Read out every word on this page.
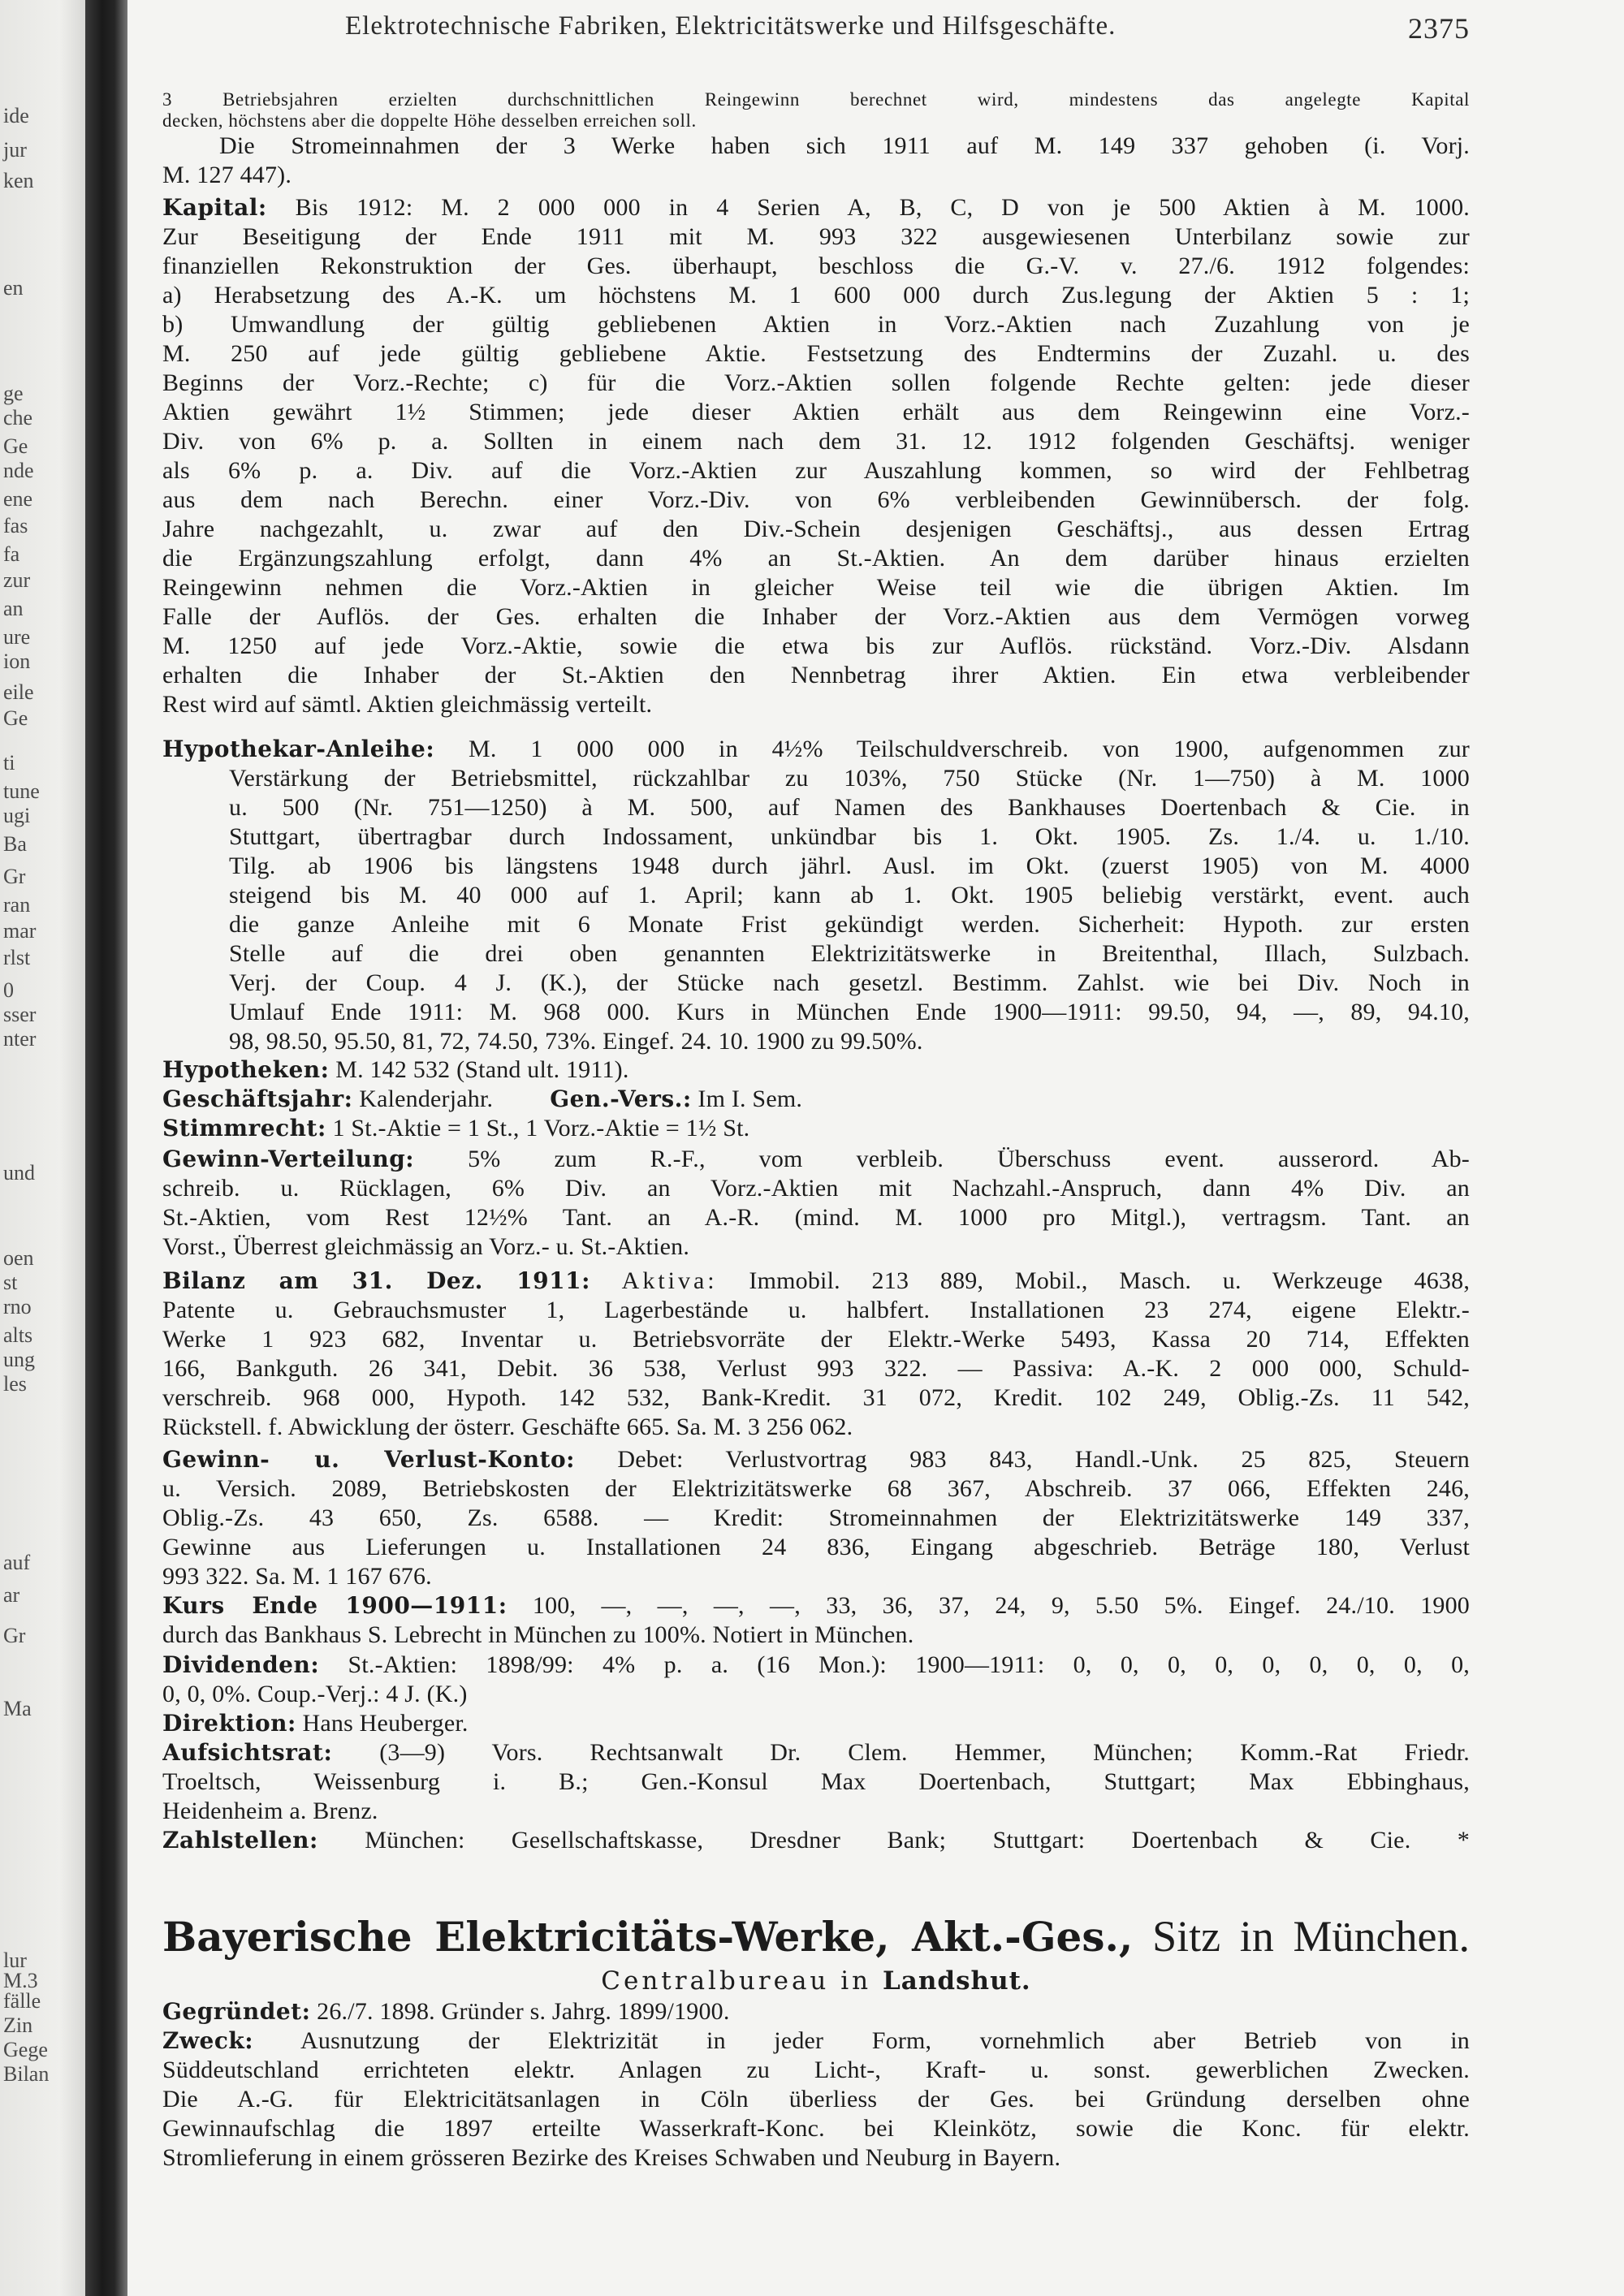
ide
jur
ken
en
ge
che
Ge
nde
ene
fas
fa
zur
an
ure
ion
eile
Ge
ti
tune
ugi
Ba
Gr
ran
mar
rlst
0
sser
nter
und
oen
st
rno
alts
ung
les
auf
ar
Gr
Ma
lur
M.3
fälle
Zin
Gege
Bilan
Elektrotechnische Fabriken, Elektricitätswerke und Hilfsgeschäfte.	2375
3 Betriebsjahren erzielten durchschnittlichen Reingewinn berechnet wird, mindestens das angelegte Kapital
decken, höchstens aber die doppelte Höhe desselben erreichen soll.
Die Stromeinnahmen der 3 Werke haben sich 1911 auf M. 149 337 gehoben (i. Vorj.
M. 127 447).
Kapital: Bis 1912: M. 2 000 000 in 4 Serien A, B, C, D von je 500 Aktien à M. 1000.
Zur Beseitigung der Ende 1911 mit M. 993 322 ausgewiesenen Unterbilanz sowie zur
finanziellen Rekonstruktion der Ges. überhaupt, beschloss die G.-V. v. 27./6. 1912 folgendes:
a) Herabsetzung des A.-K. um höchstens M. 1 600 000 durch Zus.legung der Aktien 5 : 1;
b) Umwandlung der gültig gebliebenen Aktien in Vorz.-Aktien nach Zuzahlung von je
M. 250 auf jede gültig gebliebene Aktie. Festsetzung des Endtermins der Zuzahl. u. des
Beginns der Vorz.-Rechte; c) für die Vorz.-Aktien sollen folgende Rechte gelten: jede dieser
Aktien gewährt 1½ Stimmen; jede dieser Aktien erhält aus dem Reingewinn eine Vorz.-
Div. von 6% p. a. Sollten in einem nach dem 31. 12. 1912 folgenden Geschäftsj. weniger
als 6% p. a. Div. auf die Vorz.-Aktien zur Auszahlung kommen, so wird der Fehlbetrag
aus dem nach Berechn. einer Vorz.-Div. von 6% verbleibenden Gewinnübersch. der folg.
Jahre nachgezahlt, u. zwar auf den Div.-Schein desjenigen Geschäftsj., aus dessen Ertrag
die Ergänzungszahlung erfolgt, dann 4% an St.-Aktien. An dem darüber hinaus erzielten
Reingewinn nehmen die Vorz.-Aktien in gleicher Weise teil wie die übrigen Aktien. Im
Falle der Auflös. der Ges. erhalten die Inhaber der Vorz.-Aktien aus dem Vermögen vorweg
M. 1250 auf jede Vorz.-Aktie, sowie die etwa bis zur Auflös. rückständ. Vorz.-Div. Alsdann
erhalten die Inhaber der St.-Aktien den Nennbetrag ihrer Aktien. Ein etwa verbleibender
Rest wird auf sämtl. Aktien gleichmässig verteilt.
Hypothekar-Anleihe: M. 1 000 000 in 4½% Teilschuldverschreib. von 1900, aufgenommen zur
Verstärkung der Betriebsmittel, rückzahlbar zu 103%, 750 Stücke (Nr. 1—750) à M. 1000
u. 500 (Nr. 751—1250) à M. 500, auf Namen des Bankhauses Doertenbach & Cie. in
Stuttgart, übertragbar durch Indossament, unkündbar bis 1. Okt. 1905. Zs. 1./4. u. 1./10.
Tilg. ab 1906 bis längstens 1948 durch jährl. Ausl. im Okt. (zuerst 1905) von M. 4000
steigend bis M. 40 000 auf 1. April; kann ab 1. Okt. 1905 beliebig verstärkt, event. auch
die ganze Anleihe mit 6 Monate Frist gekündigt werden. Sicherheit: Hypoth. zur ersten
Stelle auf die drei oben genannten Elektrizitätswerke in Breitenthal, Illach, Sulzbach.
Verj. der Coup. 4 J. (K.), der Stücke nach gesetzl. Bestimm. Zahlst. wie bei Div. Noch in
Umlauf Ende 1911: M. 968 000. Kurs in München Ende 1900—1911: 99.50, 94, —, 89, 94.10,
98, 98.50, 95.50, 81, 72, 74.50, 73%. Eingef. 24. 10. 1900 zu 99.50%.
Hypotheken: M. 142 532 (Stand ult. 1911).
Geschäftsjahr: Kalenderjahr.	Gen.-Vers.: Im I. Sem.
Stimmrecht: 1 St.-Aktie = 1 St., 1 Vorz.-Aktie = 1½ St.
Gewinn-Verteilung: 5% zum R.-F., vom verbleib. Überschuss event. ausserord. Ab-
schreib. u. Rücklagen, 6% Div. an Vorz.-Aktien mit Nachzahl.-Anspruch, dann 4% Div. an
St.-Aktien, vom Rest 12½% Tant. an A.-R. (mind. M. 1000 pro Mitgl.), vertragsm. Tant. an
Vorst., Überrest gleichmässig an Vorz.- u. St.-Aktien.
Bilanz am 31. Dez. 1911: Aktiva: Immobil. 213 889, Mobil., Masch. u. Werkzeuge 4638,
Patente u. Gebrauchsmuster 1, Lagerbestände u. halbfert. Installationen 23 274, eigene Elektr.-
Werke 1 923 682, Inventar u. Betriebsvorräte der Elektr.-Werke 5493, Kassa 20 714, Effekten
166, Bankguth. 26 341, Debit. 36 538, Verlust 993 322. — Passiva: A.-K. 2 000 000, Schuld-
verschreib. 968 000, Hypoth. 142 532, Bank-Kredit. 31 072, Kredit. 102 249, Oblig.-Zs. 11 542,
Rückstell. f. Abwicklung der österr. Geschäfte 665. Sa. M. 3 256 062.
Gewinn- u. Verlust-Konto: Debet: Verlustvortrag 983 843, Handl.-Unk. 25 825, Steuern
u. Versich. 2089, Betriebskosten der Elektrizitätswerke 68 367, Abschreib. 37 066, Effekten 246,
Oblig.-Zs. 43 650, Zs. 6588. — Kredit: Stromeinnahmen der Elektrizitätswerke 149 337,
Gewinne aus Lieferungen u. Installationen 24 836, Eingang abgeschrieb. Beträge 180, Verlust
993 322. Sa. M. 1 167 676.
Kurs Ende 1900—1911: 100, —, —, —, —, 33, 36, 37, 24, 9, 5.50 5%. Eingef. 24./10. 1900
durch das Bankhaus S. Lebrecht in München zu 100%. Notiert in München.
Dividenden: St.-Aktien: 1898/99: 4% p. a. (16 Mon.): 1900—1911: 0, 0, 0, 0, 0, 0, 0, 0, 0,
0, 0, 0%. Coup.-Verj.: 4 J. (K.)
Direktion: Hans Heuberger.
Aufsichtsrat: (3—9) Vors. Rechtsanwalt Dr. Clem. Hemmer, München; Komm.-Rat Friedr.
Troeltsch, Weissenburg i. B.; Gen.-Konsul Max Doertenbach, Stuttgart; Max Ebbinghaus,
Heidenheim a. Brenz.
Zahlstellen: München: Gesellschaftskasse, Dresdner Bank; Stuttgart: Doertenbach & Cie. *
Bayerische Elektricitäts-Werke, Akt.-Ges., Sitz in München.
Centralbureau in Landshut.
Gegründet: 26./7. 1898. Gründer s. Jahrg. 1899/1900.
Zweck: Ausnutzung der Elektrizität in jeder Form, vornehmlich aber Betrieb von in
Süddeutschland errichteten elektr. Anlagen zu Licht-, Kraft- u. sonst. gewerblichen Zwecken.
Die A.-G. für Elektricitätsanlagen in Cöln überliess der Ges. bei Gründung derselben ohne
Gewinnaufschlag die 1897 erteilte Wasserkraft-Konc. bei Kleinkötz, sowie die Konc. für elektr.
Stromlieferung in einem grösseren Bezirke des Kreises Schwaben und Neuburg in Bayern.
